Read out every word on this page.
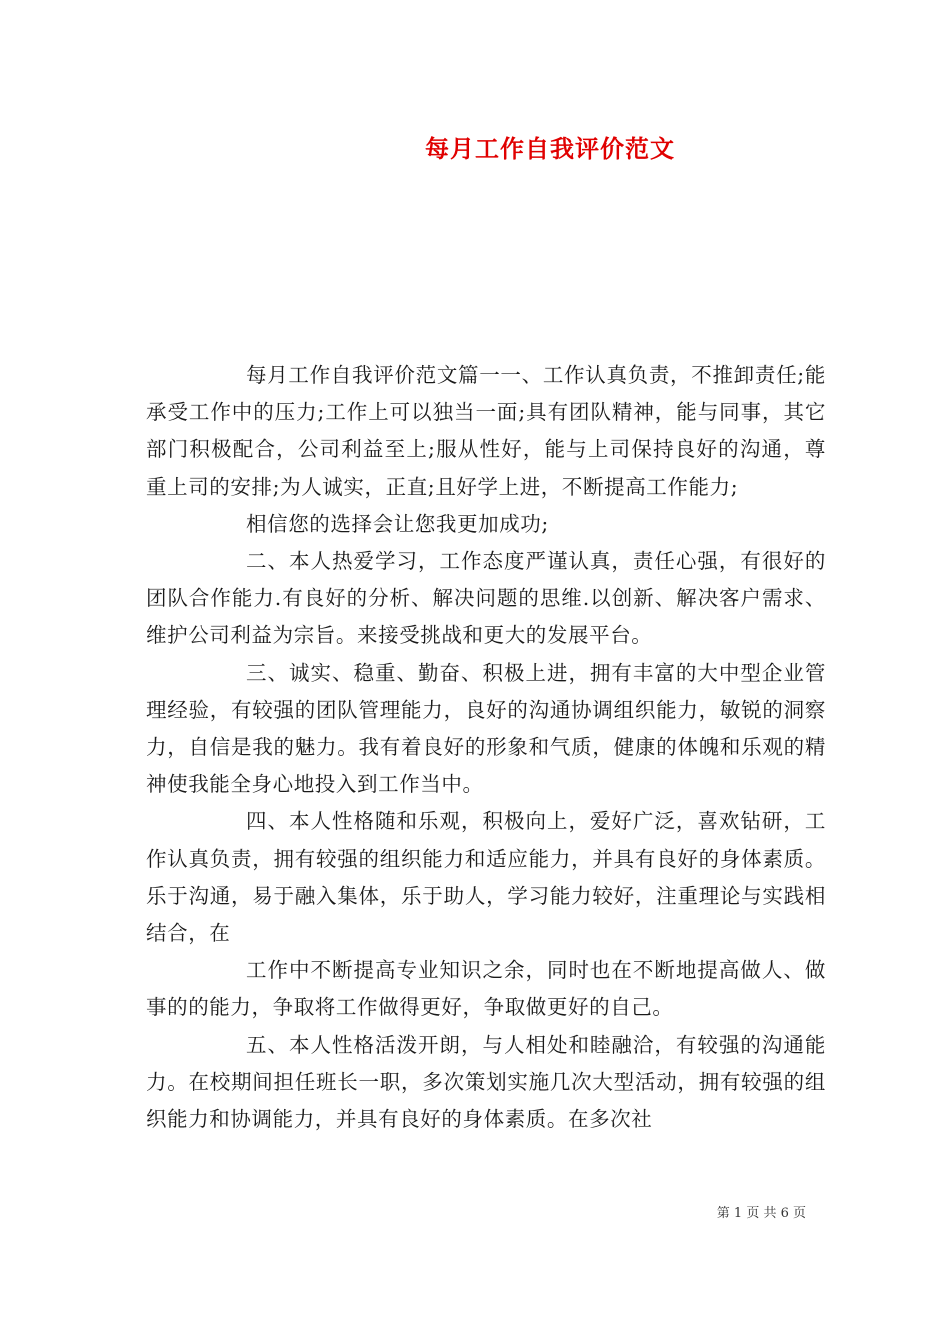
每月工作自我评价范文

每月工作自我评价范文篇一一、工作认真负责，不推卸责任;能承受工作中的压力;工作上可以独当一面;具有团队精神，能与同事，其它部门积极配合，公司利益至上;服从性好，能与上司保持良好的沟通，尊重上司的安排;为人诚实，正直;且好学上进，不断提高工作能力;

相信您的选择会让您我更加成功;

二、本人热爱学习，工作态度严谨认真，责任心强，有很好的团队合作能力.有良好的分析、解决问题的思维.以创新、解决客户需求、维护公司利益为宗旨。来接受挑战和更大的发展平台。

三、诚实、稳重、勤奋、积极上进，拥有丰富的大中型企业管理经验，有较强的团队管理能力，良好的沟通协调组织能力，敏锐的洞察力，自信是我的魅力。我有着良好的形象和气质，健康的体魄和乐观的精神使我能全身心地投入到工作当中。

四、本人性格随和乐观，积极向上，爱好广泛，喜欢钻研，工作认真负责，拥有较强的组织能力和适应能力，并具有良好的身体素质。乐于沟通，易于融入集体，乐于助人，学习能力较好，注重理论与实践相结合，在

工作中不断提高专业知识之余，同时也在不断地提高做人、做事的的能力，争取将工作做得更好，争取做更好的自己。

五、本人性格活泼开朗，与人相处和睦融洽，有较强的沟通能力。在校期间担任班长一职，多次策划实施几次大型活动，拥有较强的组织能力和协调能力，并具有良好的身体素质。在多次社

第 1 页 共 6 页
